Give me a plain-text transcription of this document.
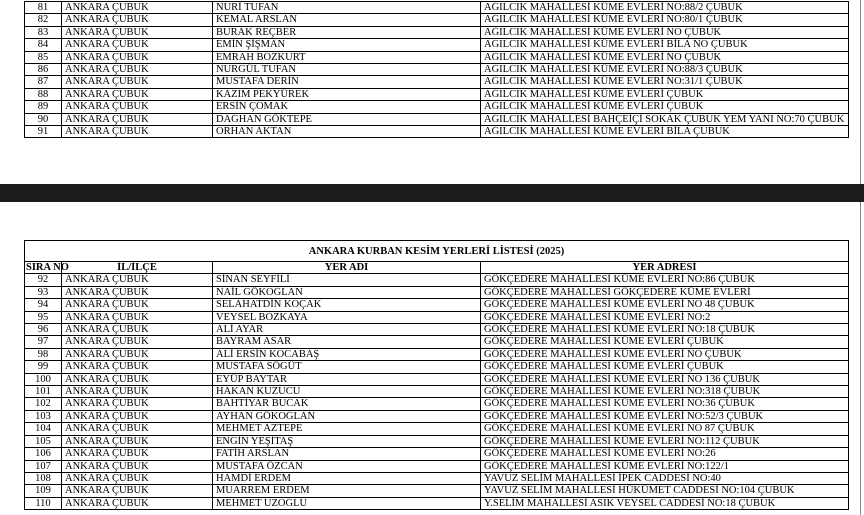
81	ANKARA ÇUBUK	NURİ TUFAN	AĞILCIK MAHALLESİ KÜME EVLERİ NO:88/2 ÇUBUK
82	ANKARA ÇUBUK	KEMAL ARSLAN	AĞILCIK MAHALLESİ KÜME EVLERİ NO:80/1 ÇUBUK
83	ANKARA ÇUBUK	BURAK REÇBER	AĞILCIK MAHALLESİ KÜME EVLERİ NO ÇUBUK
84	ANKARA ÇUBUK	EMİN ŞİŞMAN	AĞILCIK MAHALLESİ KÜME EVLERİ BİLA NO ÇUBUK
85	ANKARA ÇUBUK	EMRAH BOZKURT	AĞILCIK MAHALLESİ KÜME EVLERİ NO ÇUBUK
86	ANKARA ÇUBUK	NURGÜL TUFAN	AĞILCIK MAHALLESİ KÜME EVLERİ NO:88/3 ÇUBUK
87	ANKARA ÇUBUK	MUSTAFA DERİN	AĞILCIK MAHALLESİ KÜME EVLERİ NO:31/1 ÇUBUK
88	ANKARA ÇUBUK	KAZIM PEKYÜREK	AĞILCIK MAHALLESİ KÜME EVLERİ ÇUBUK
89	ANKARA ÇUBUK	ERSİN ÇOMAK	AĞILCIK MAHALLESİ KÜME EVLERİ ÇUBUK
90	ANKARA ÇUBUK	DAĞHAN GÖKTEPE	AĞILCIK MAHALLESİ BAHÇEİÇİ SOKAK ÇUBUK YEM YANI NO:70 ÇUBUK
91	ANKARA ÇUBUK	ORHAN AKTAN	AĞILCIK MAHALLESİ KÜME EVLERİ BİLA ÇUBUK
ANKARA KURBAN KESİM YERLERİ LİSTESİ (2025)
SIRA NO	İL/İLÇE	YER ADI	YER ADRESİ
92	ANKARA ÇUBUK	SİNAN SEYFİLİ	GÖKÇEDERE MAHALLESİ KÜME EVLERİ NO:86 ÇUBUK
93	ANKARA ÇUBUK	NAİL GÖKOĞLAN	GÖKÇEDERE MAHALLESİ GÖKÇEDERE KÜME EVLERİ
94	ANKARA ÇUBUK	SELAHATDİN KOÇAK	GÖKÇEDERE MAHALLESİ KÜME EVLERİ NO 48 ÇUBUK
95	ANKARA ÇUBUK	VEYSEL BOZKAYA	GÖKÇEDERE MAHALLESİ KÜME EVLERİ NO:2
96	ANKARA ÇUBUK	ALİ AYAR	GÖKÇEDERE MAHALLESİ KÜME EVLERİ NO:18 ÇUBUK
97	ANKARA ÇUBUK	BAYRAM ASAR	GÖKÇEDERE MAHALLESİ KÜME EVLERİ ÇUBUK
98	ANKARA ÇUBUK	ALİ ERSİN KOCABAŞ	GÖKÇEDERE MAHALLESİ KÜME EVLERİ NO ÇUBUK
99	ANKARA ÇUBUK	MUSTAFA SÖĞÜT	GÖKÇEDERE MAHALLESİ KÜME EVLERİ ÇUBUK
100	ANKARA ÇUBUK	EYÜP BAYTAR	GÖKÇEDERE MAHALLESİ KÜME EVLERİ NO 136 ÇUBUK
101	ANKARA ÇUBUK	HAKAN KUZUCU	GÖKÇEDERE MAHALLESİ KÜME EVLERİ NO:318 ÇUBUK
102	ANKARA ÇUBUK	BAHTİYAR BUCAK	GÖKÇEDERE MAHALLESİ KÜME EVLERİ NO:36 ÇUBUK
103	ANKARA ÇUBUK	AYHAN GÖKOĞLAN	GÖKÇEDERE MAHALLESİ KÜME EVLERİ NO:52/3 ÇUBUK
104	ANKARA ÇUBUK	MEHMET AZTEPE	GÖKÇEDERE MAHALLESİ KÜME EVLERİ NO 87 ÇUBUK
105	ANKARA ÇUBUK	ENGİN YEŞİTAŞ	GÖKÇEDERE MAHALLESİ KÜME EVLERİ NO:112 ÇUBUK
106	ANKARA ÇUBUK	FATİH ARSLAN	GÖKÇEDERE MAHALLESİ KÜME EVLERİ NO:26
107	ANKARA ÇUBUK	MUSTAFA ÖZCAN	GÖKÇEDERE MAHALLESİ KÜME EVLERİ NO:122/1
108	ANKARA ÇUBUK	HAMDİ ERDEM	YAVUZ SELİM MAHALLESİ İPEK CADDESİ NO:40
109	ANKARA ÇUBUK	MUARREM ERDEM	YAVUZ SELİM MAHALLESİ HÜKÜMET CADDESİ NO:104 ÇUBUK
110	ANKARA ÇUBUK	MEHMET UZOĞLU	Y.SELİM MAHALLESİ ASIK VEYSEL CADDESİ NO:18 ÇUBUK
